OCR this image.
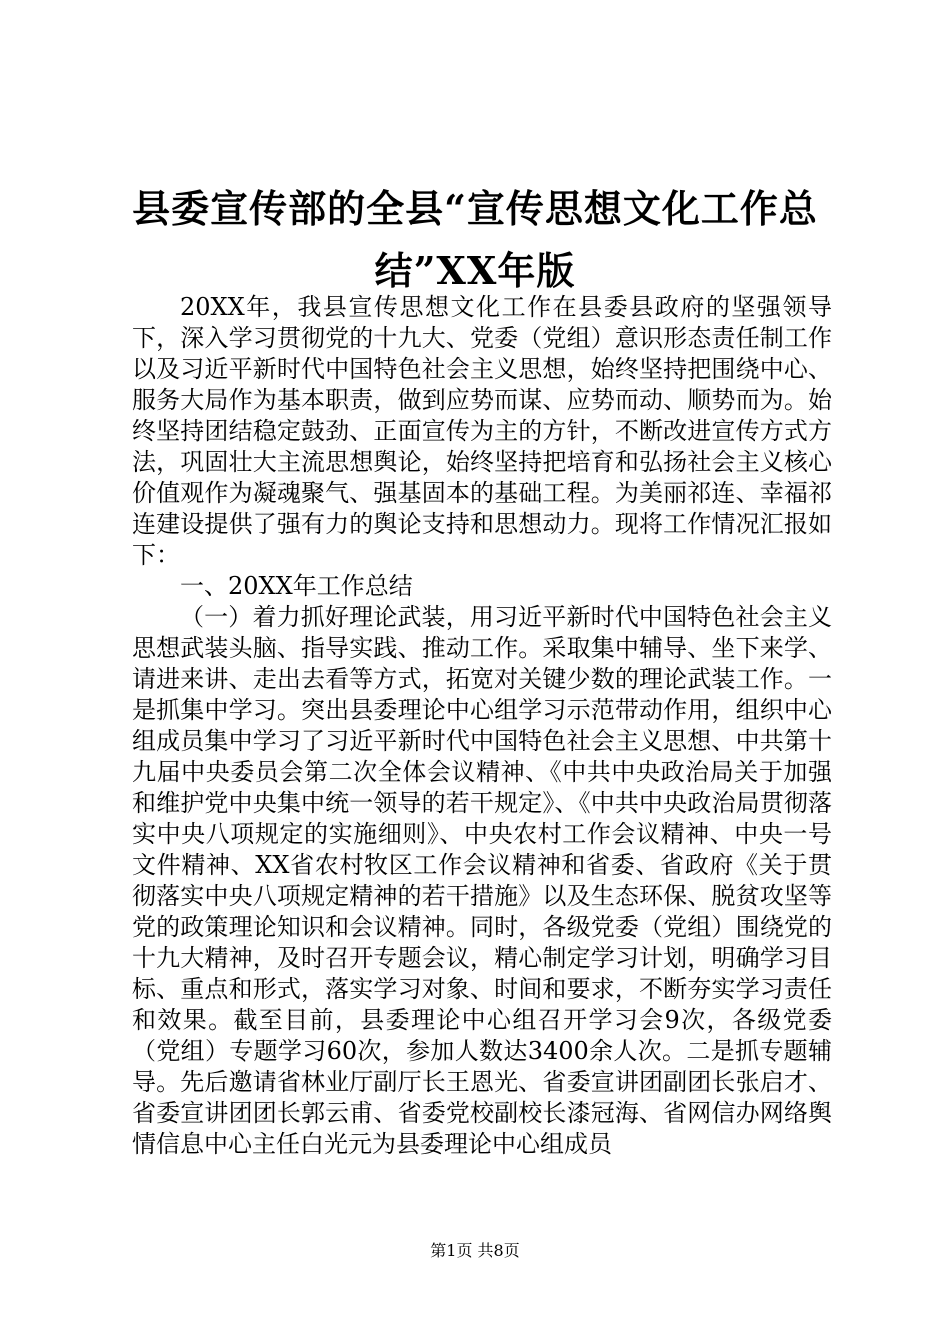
县委宣传部的全县“宣传思想文化工作总
结”XX年版

20XX年，我县宣传思想文化工作在县委县政府的坚强领导下，深入学习贯彻党的十九大、党委（党组）意识形态责任制工作以及习近平新时代中国特色社会主义思想，始终坚持把围绕中心、服务大局作为基本职责，做到应势而谋、应势而动、顺势而为。始终坚持团结稳定鼓劲、正面宣传为主的方针，不断改进宣传方式方法，巩固壮大主流思想舆论，始终坚持把培育和弘扬社会主义核心价值观作为凝魂聚气、强基固本的基础工程。为美丽祁连、幸福祁连建设提供了强有力的舆论支持和思想动力。现将工作情况汇报如下：

一、20XX年工作总结

（一）着力抓好理论武装，用习近平新时代中国特色社会主义思想武装头脑、指导实践、推动工作。采取集中辅导、坐下来学、请进来讲、走出去看等方式，拓宽对关键少数的理论武装工作。一是抓集中学习。突出县委理论中心组学习示范带动作用，组织中心组成员集中学习了习近平新时代中国特色社会主义思想、中共第十九届中央委员会第二次全体会议精神、《中共中央政治局关于加强和维护党中央集中统一领导的若干规定》、《中共中央政治局贯彻落实中央八项规定的实施细则》、中央农村工作会议精神、中央一号文件精神、XX省农村牧区工作会议精神和省委、省政府《关于贯彻落实中央八项规定精神的若干措施》以及生态环保、脱贫攻坚等党的政策理论知识和会议精神。同时，各级党委（党组）围绕党的十九大精神，及时召开专题会议，精心制定学习计划，明确学习目标、重点和形式，落实学习对象、时间和要求，不断夯实学习责任和效果。截至目前，县委理论中心组召开学习会9次，各级党委（党组）专题学习60次，参加人数达3400余人次。二是抓专题辅导。先后邀请省林业厅副厅长王恩光、省委宣讲团副团长张启才、省委宣讲团团长郭云甫、省委党校副校长漆冠海、省网信办网络舆情信息中心主任白光元为县委理论中心组成员

第1页 共8页
